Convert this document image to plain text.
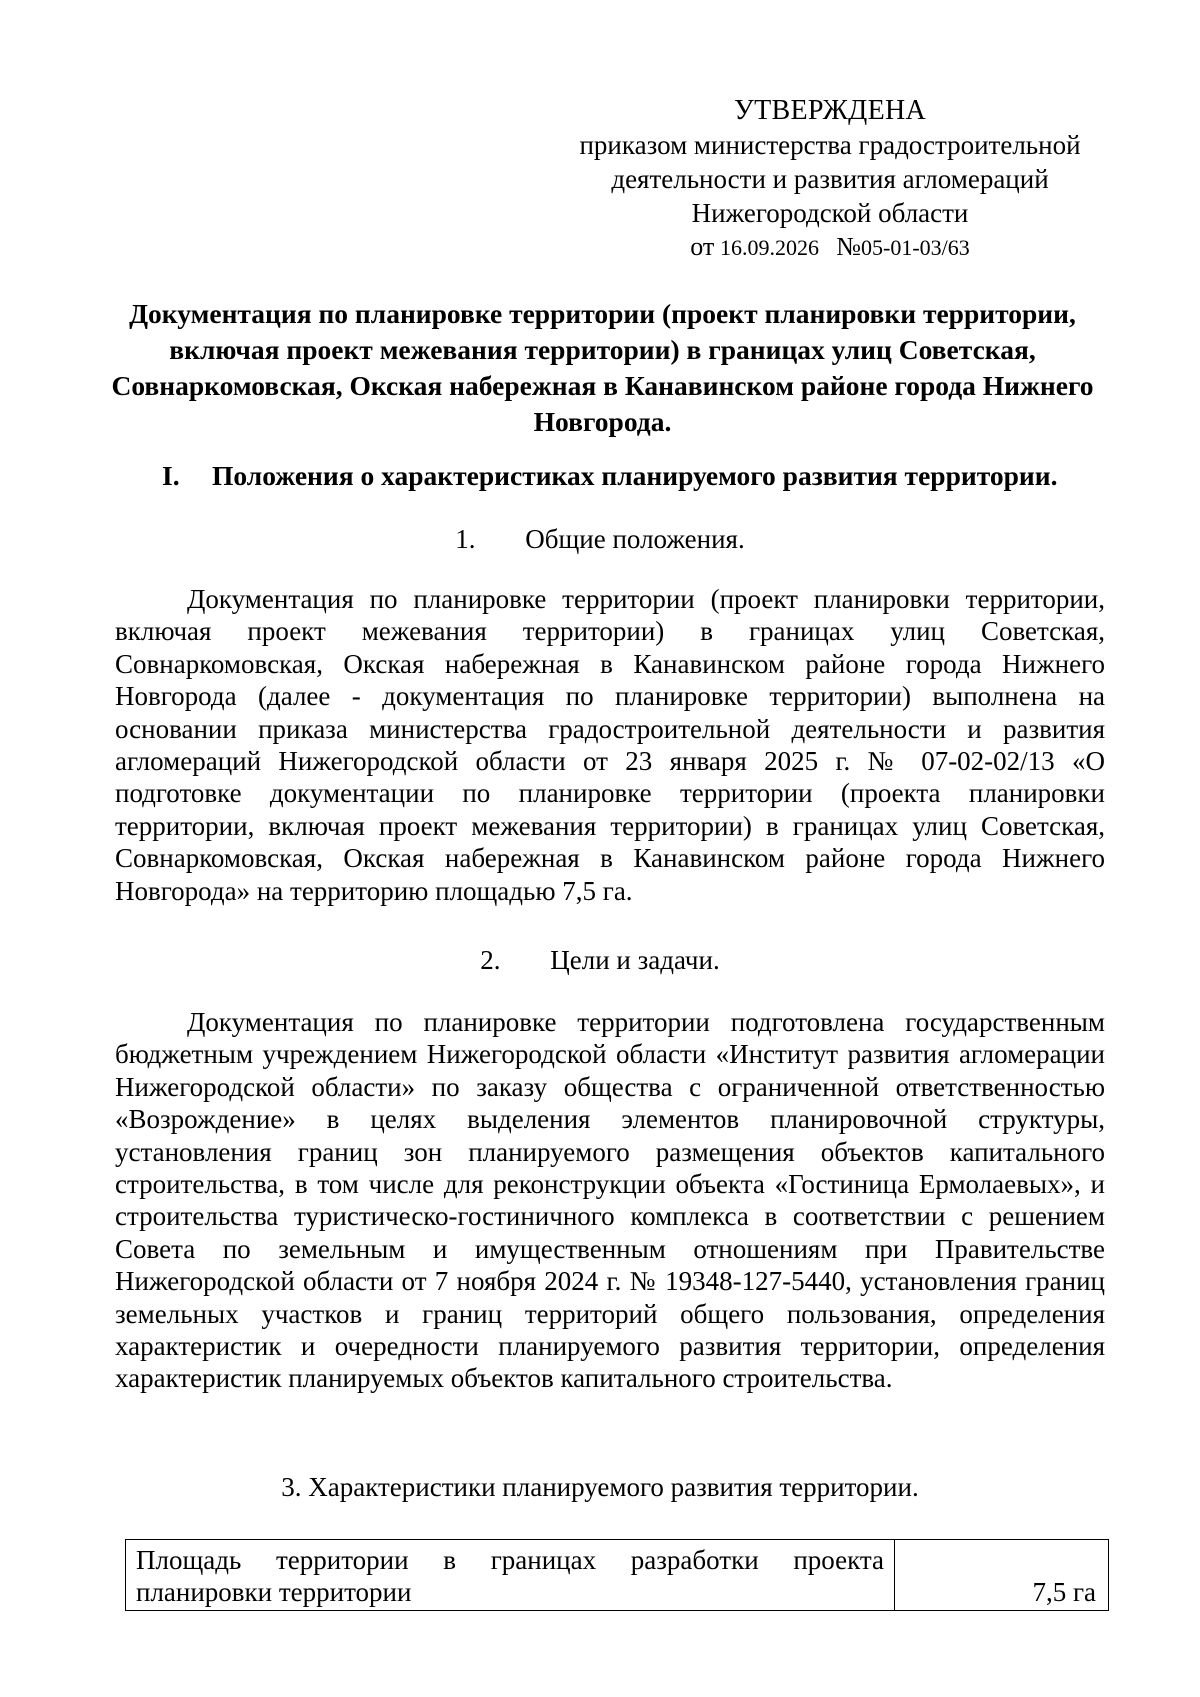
УТВЕРЖДЕНА
приказом министерства градостроительной
деятельности и развития агломераций
Нижегородской области
от 16.09.2026 №05-01-03/63
Документация по планировке территории (проект планировки территории, включая проект межевания территории) в границах улиц Советская, Совнаркомовская, Окская набережная в Канавинском районе города Нижнего Новгорода.
I. Положения о характеристиках планируемого развития территории.
1. Общие положения.
Документация по планировке территории (проект планировки территории, включая проект межевания территории) в границах улиц Советская, Совнаркомовская, Окская набережная в Канавинском районе города Нижнего Новгорода (далее - документация по планировке территории) выполнена на основании приказа министерства градостроительной деятельности и развития агломераций Нижегородской области от 23 января 2025 г. № 07-02-02/13 «О подготовке документации по планировке территории (проекта планировки территории, включая проект межевания территории) в границах улиц Советская, Совнаркомовская, Окская набережная в Канавинском районе города Нижнего Новгорода» на территорию площадью 7,5 га.
2. Цели и задачи.
Документация по планировке территории подготовлена государственным бюджетным учреждением Нижегородской области «Институт развития агломерации Нижегородской области» по заказу общества с ограниченной ответственностью «Возрождение» в целях выделения элементов планировочной структуры, установления границ зон планируемого размещения объектов капитального строительства, в том числе для реконструкции объекта «Гостиница Ермолаевых», и строительства туристическо-гостиничного комплекса в соответствии с решением Совета по земельным и имущественным отношениям при Правительстве Нижегородской области от 7 ноября 2024 г. № 19348-127-5440, установления границ земельных участков и границ территорий общего пользования, определения характеристик и очередности планируемого развития территории, определения характеристик планируемых объектов капитального строительства.
3. Характеристики планируемого развития территории.
Площадь территории в границах разработки проекта планировки территории	7,5 га
